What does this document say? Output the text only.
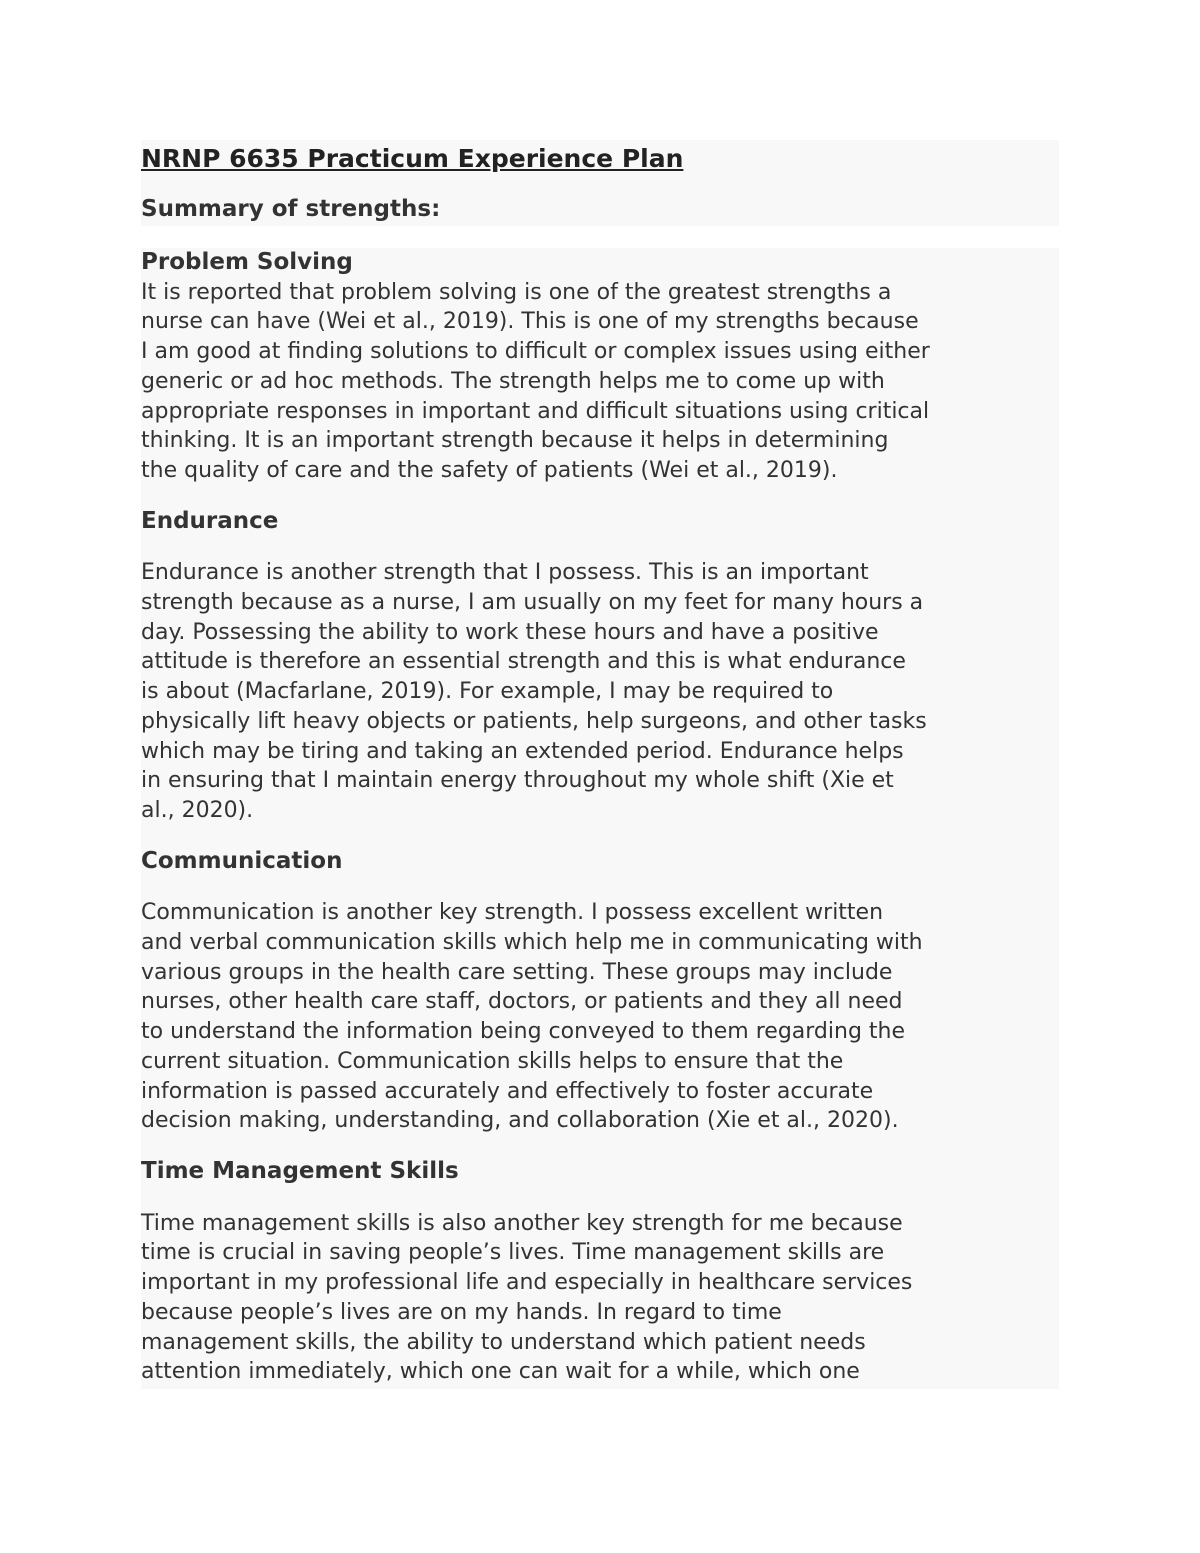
NRNP 6635 Practicum Experience Plan
Summary of strengths:
Problem Solving

It is reported that problem solving is one of the greatest strengths a

nurse can have (Wei et al., 2019). This is one of my strengths because

I am good at finding solutions to difficult or complex issues using either

generic or ad hoc methods. The strength helps me to come up with

appropriate responses in important and difficult situations using critical

thinking. It is an important strength because it helps in determining

the quality of care and the safety of patients (Wei et al., 2019).

Endurance

Endurance is another strength that I possess. This is an important

strength because as a nurse, I am usually on my feet for many hours a

day. Possessing the ability to work these hours and have a positive

attitude is therefore an essential strength and this is what endurance

is about (Macfarlane, 2019). For example, I may be required to

physically lift heavy objects or patients, help surgeons, and other tasks

which may be tiring and taking an extended period. Endurance helps

in ensuring that I maintain energy throughout my whole shift (Xie et

al., 2020).

Communication

Communication is another key strength. I possess excellent written

and verbal communication skills which help me in communicating with

various groups in the health care setting. These groups may include

nurses, other health care staff, doctors, or patients and they all need

to understand the information being conveyed to them regarding the

current situation. Communication skills helps to ensure that the

information is passed accurately and effectively to foster accurate

decision making, understanding, and collaboration (Xie et al., 2020).

Time Management Skills

Time management skills is also another key strength for me because

time is crucial in saving people’s lives. Time management skills are

important in my professional life and especially in healthcare services

because people’s lives are on my hands. In regard to time

management skills, the ability to understand which patient needs

attention immediately, which one can wait for a while, which one
